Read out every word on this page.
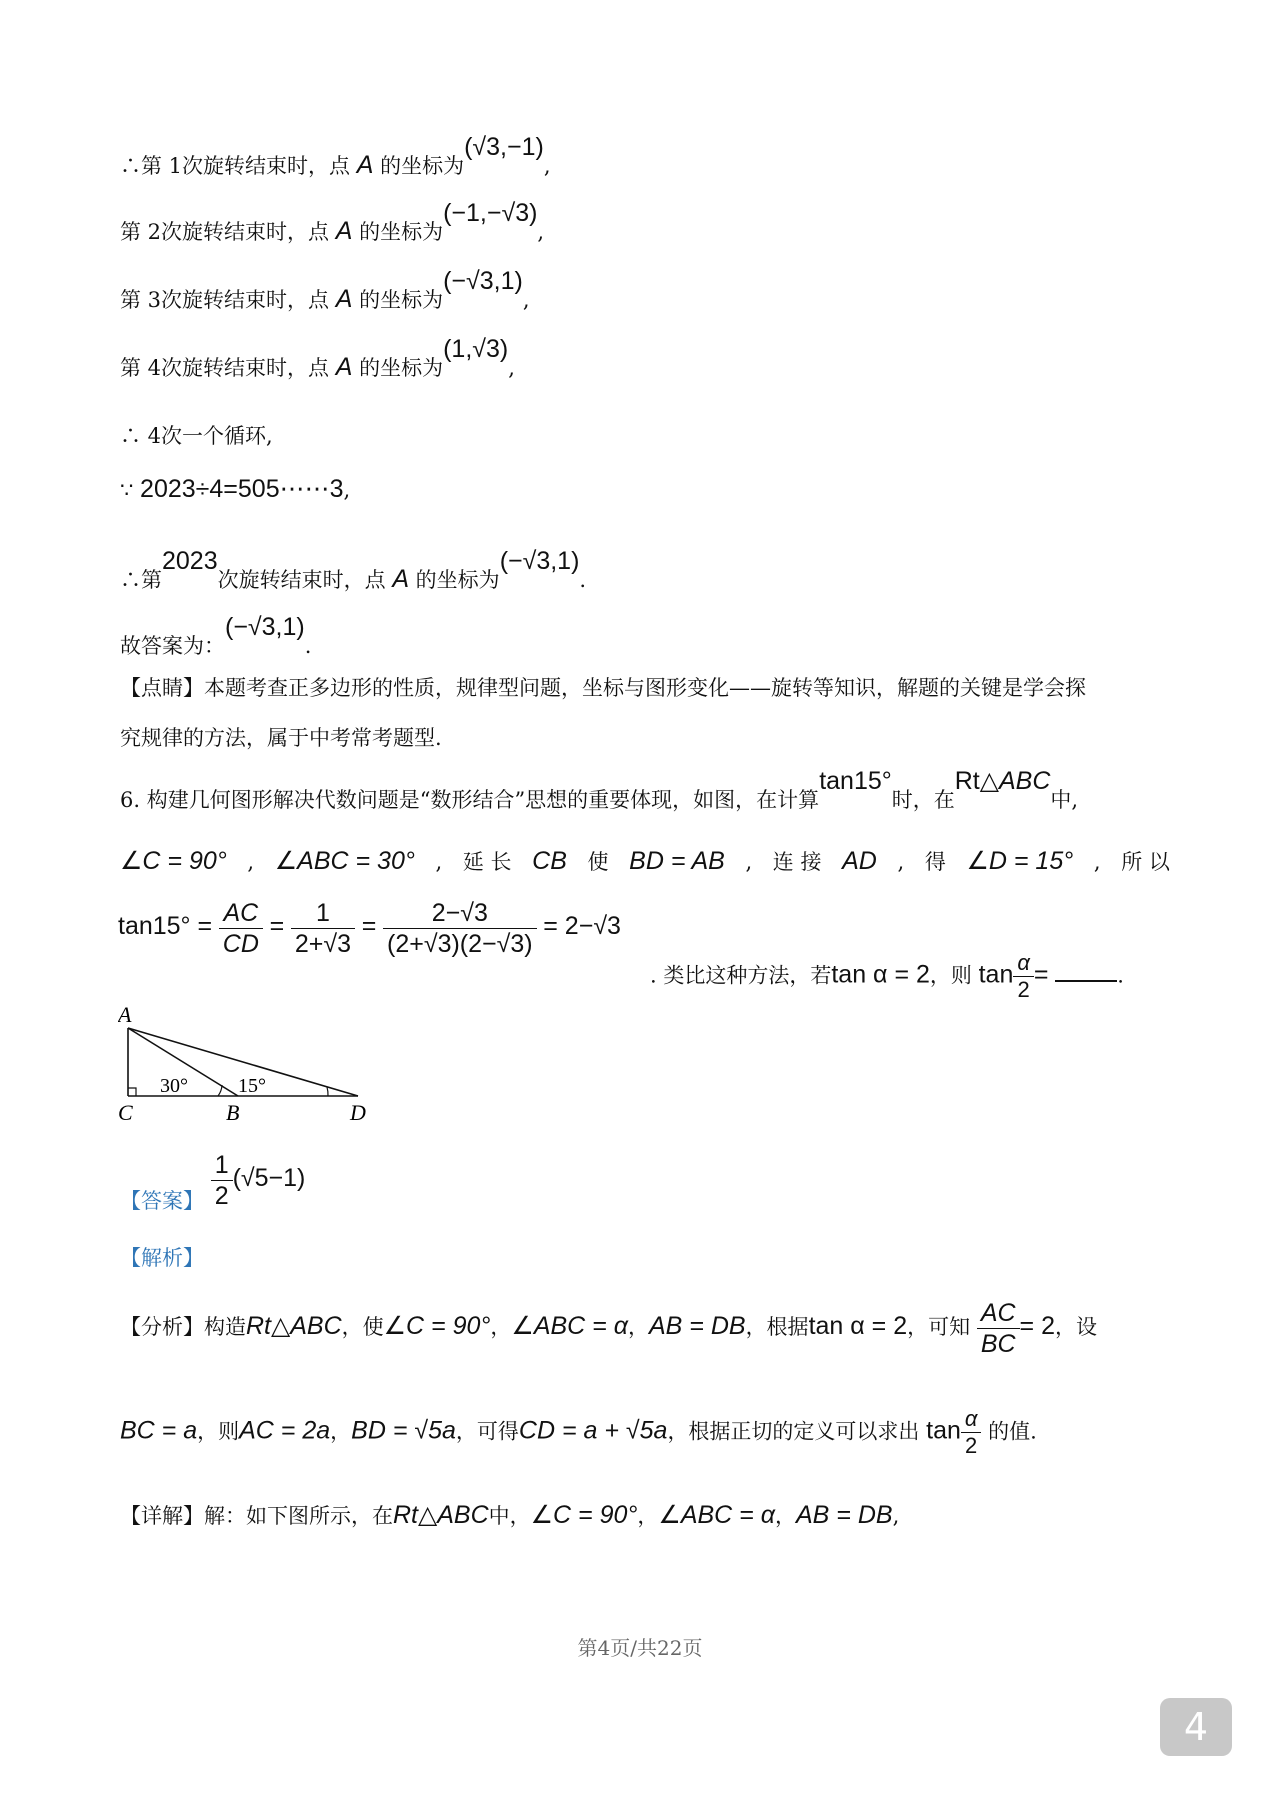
∴第 1次旋转结束时，点 A 的坐标为(√3,−1),
第 2次旋转结束时，点 A 的坐标为(−1,−√3),
第 3次旋转结束时，点 A 的坐标为(−√3,1),
第 4次旋转结束时，点 A 的坐标为(1,√3),
∴ 4次一个循环,
∵ 2023÷4=505⋯⋯3,
∴第2023次旋转结束时，点 A 的坐标为(−√3,1).
故答案为：(−√3,1).
【点睛】本题考查正多边形的性质，规律型问题，坐标与图形变化——旋转等知识，解题的关键是学会探
究规律的方法，属于中考常考题型.
6. 构建几何图形解决代数问题是“数形结合”思想的重要体现，如图，在计算tan15°时，在Rt△ABC中,
∠C = 90° , ∠ABC = 30° , 延 长 CB 使 BD = AB , 连 接 AD , 得 ∠D = 15° , 所 以
$\tan 15^\circ = \frac{AC}{CD} = \frac{1}{2+√3} = \frac{2-√3}{(2+√3)(2-√3)} = 2-√3$
. 类比这种方法，若tan α = 2，则 $\tan \frac{\alpha}{2}$ =	.
A
C	B	D
30°	15°
【答案】 $\frac{1}{2} (√5-1)$
【解析】
【分析】构造Rt△ABC，使∠C = 90°，∠ABC = α，AB = DB，根据tan α = 2，可知 $\frac{AC}{BC} = 2$，设
BC = a，则AC = 2a，BD = √5a，可得CD = a + √5a，根据正切的定义可以求出 $\tan \frac{\alpha}{2}$ 的值.
【详解】解：如下图所示，在Rt△ABC中，∠C = 90°，∠ABC = α，AB = DB,
第4页/共22页
4
